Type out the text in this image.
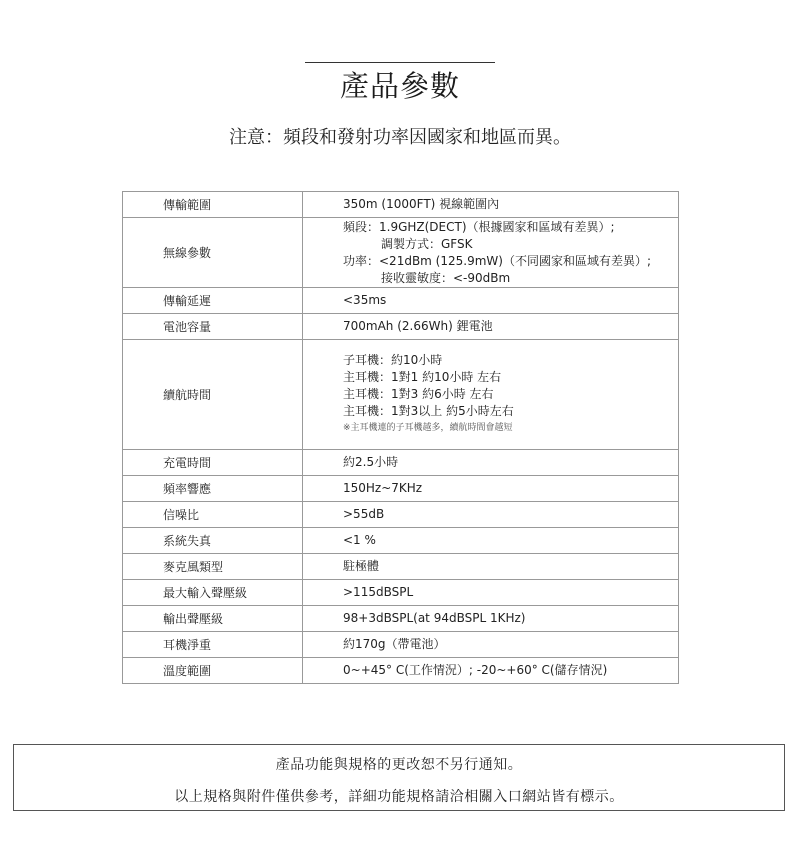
產品參數
注意：頻段和發射功率因國家和地區而異。
傳輸範圍	350m (1000FT) 視線範圍內

無線參數	頻段：1.9GHZ(DECT)（根據國家和區域有差異）;
調製方式：GFSK
功率：<21dBm (125.9mW)（不同國家和區域有差異）;
接收靈敏度：<-90dBm

傳輸延遲	<35ms

電池容量	700mAh (2.66Wh) 鋰電池

續航時間	子耳機：約10小時
主耳機：1對1 約10小時 左右
主耳機：1對3 約6小時 左右
主耳機：1對3以上 約5小時左右
※主耳機連的子耳機越多，續航時間會越短

充電時間	約2.5小時

頻率響應	150Hz~7KHz

信噪比	>55dB

系統失真	<1 %

麥克風類型	駐極體

最大輸入聲壓級	>115dBSPL

輸出聲壓級	98+3dBSPL(at 94dBSPL 1KHz)

耳機淨重	約170g（帶電池）

溫度範圍	0~+45° C(工作情況）; -20~+60° C(儲存情況)
產品功能與規格的更改恕不另行通知。
以上規格與附件僅供參考，詳細功能規格請洽相關入口網站皆有標示。
